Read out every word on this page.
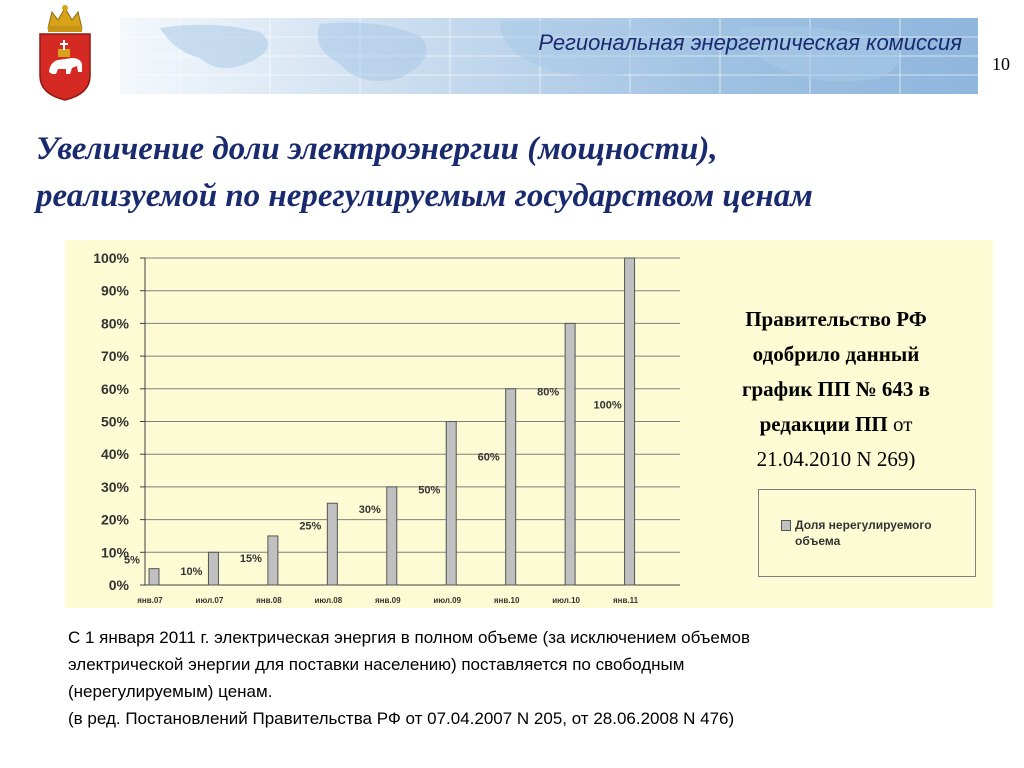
Региональная энергетическая комиссия

10
Увеличение доли электроэнергии (мощности),
реализуемой по нерегулируемым государством ценам
0%
10%
20%
30%
40%
50%
60%
70%
80%
90%
100%
5%
янв.07
10%
июл.07
15%
янв.08
25%
июл.08
30%
янв.09
50%
июл.09
60%
янв.10
80%
июл.10
100%
янв.11

Правительство РФ
одобрило данный
график ПП № 643 в
редакции ПП от
21.04.2010 N 269)

Доля нерегулируемого объема

С 1 января 2011 г. электрическая энергия в полном объеме (за исключением объемов
электрической энергии для поставки населению) поставляется по свободным
(нерегулируемым) ценам.
(в ред. Постановлений Правительства РФ от 07.04.2007 N 205, от 28.06.2008 N 476)
